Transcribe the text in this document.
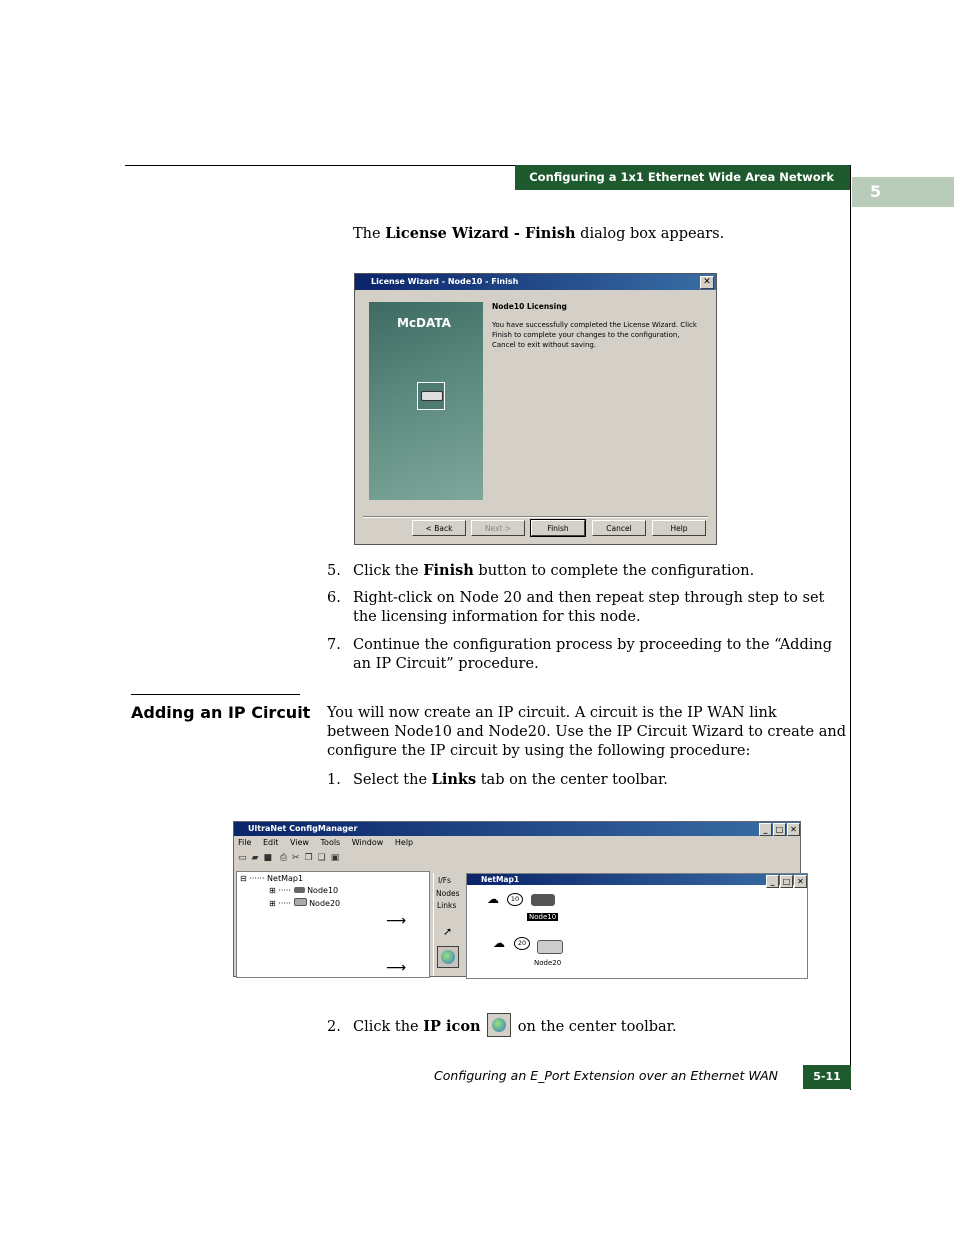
Configuring a 1x1 Ethernet Wide Area Network
5
The License Wizard - Finish dialog box appears.
License Wizard - Node10 - Finish	✕
McDATA
Node10 Licensing
You have successfully completed the License Wizard. Click Finish to complete your changes to the configuration, Cancel to exit without saving.
< Back	Next >	Finish	Cancel	Help
5. Click the Finish button to complete the configuration.
6. Right-click on Node 20 and then repeat step through step to set
the licensing information for this node.
7. Continue the configuration process by proceeding to the “Adding
an IP Circuit” procedure.
Adding an IP Circuit You will now create an IP circuit. A circuit is the IP WAN link
between Node10 and Node20. Use the IP Circuit Wizard to create and
configure the IP circuit by using the following procedure:
1. Select the Links tab on the center toolbar.
UltraNet ConfigManager	_	□ ✕
File Edit View Tools Window Help
▭ ▰ ■ ⎙ ✂ ❐ ❏ ▣
⊟ ······ NetMap1
⊞ ·····  Node10
⊞ ·····  Node20
⟶
⟶
I/Fs
Nodes
Links
➚
NetMap1	_	□ ✕
☁	10
Node10
☁	20
Node20
2. Click the IP icon	on the center toolbar.
Configuring an E_Port Extension over an Ethernet WAN	5-11
